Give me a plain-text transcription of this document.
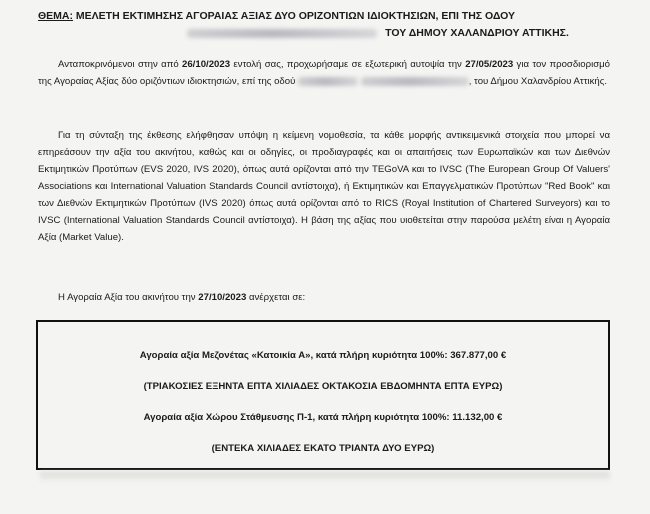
ΘΕΜΑ: ΜΕΛΕΤΗ ΕΚΤΙΜΗΣΗΣ ΑΓΟΡΑΙΑΣ ΑΞΙΑΣ ΔΥΟ ΟΡΙΖΟΝΤΙΩΝ ΙΔΙΟΚΤΗΣΙΩΝ, ΕΠΙ ΤΗΣ ΟΔΟΥ
ΤΟΥ ΔΗΜΟΥ ΧΑΛΑΝΔΡΙΟΥ ΑΤΤΙΚΗΣ.
Ανταποκρινόμενοι στην από 26/10/2023 εντολή σας, προχωρήσαμε σε εξωτερική αυτοψία την 27/05/2023 για τον προσδιορισμό της Αγοραίας Αξίας δύο οριζόντιων ιδιοκτησιών, επί της οδού	, του Δήμου Χαλανδρίου Αττικής.
Για τη σύνταξη της έκθεσης ελήφθησαν υπόψη η κείμενη νομοθεσία, τα κάθε μορφής αντικειμενικά στοιχεία που μπορεί να επηρεάσουν την αξία του ακινήτου, καθώς και οι οδηγίες, οι προδιαγραφές και οι απαιτήσεις των Ευρωπαϊκών και των Διεθνών Εκτιμητικών Προτύπων (EVS 2020, IVS 2020), όπως αυτά ορίζονται από την TEGoVA και το IVSC (The European Group Of Valuers' Associations και International Valuation Standards Council αντίστοιχα), ή Εκτιμητικών και Επαγγελματικών Προτύπων "Red Book" και των Διεθνών Εκτιμητικών Προτύπων (IVS 2020) όπως αυτά ορίζονται από το RICS (Royal Institution of Chartered Surveyors) και το IVSC (International Valuation Standards Council αντίστοιχα). Η βάση της αξίας που υιοθετείται στην παρούσα μελέτη είναι η Αγοραία Αξία (Market Value).
Η Αγοραία Αξία του ακινήτου την 27/10/2023 ανέρχεται σε:
Αγοραία αξία Μεζονέτας «Κατοικία Α», κατά πλήρη κυριότητα 100%: 367.877,00 €
(ΤΡΙΑΚΟΣΙΕΣ ΕΞΗΝΤΑ ΕΠΤΑ ΧΙΛΙΑΔΕΣ ΟΚΤΑΚΟΣΙΑ ΕΒΔΟΜΗΝΤΑ ΕΠΤΑ ΕΥΡΩ)
Αγοραία αξία Χώρου Στάθμευσης Π-1, κατά πλήρη κυριότητα 100%: 11.132,00 €
(ΕΝΤΕΚΑ ΧΙΛΙΑΔΕΣ ΕΚΑΤΟ ΤΡΙΑΝΤΑ ΔΥΟ ΕΥΡΩ)
